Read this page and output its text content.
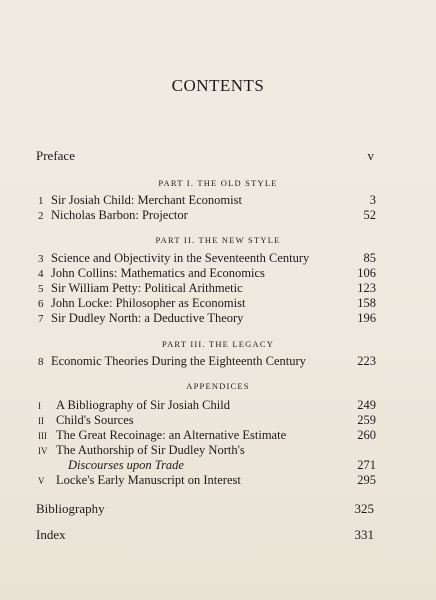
CONTENTS
Preface	v
PART I. THE OLD STYLE
1 Sir Josiah Child: Merchant Economist	3
2 Nicholas Barbon: Projector	52
PART II. THE NEW STYLE
3 Science and Objectivity in the Seventeenth Century	85
4 John Collins: Mathematics and Economics	106
5 Sir William Petty: Political Arithmetic	123
6 John Locke: Philosopher as Economist	158
7 Sir Dudley North: a Deductive Theory	196
PART III. THE LEGACY
8 Economic Theories During the Eighteenth Century	223
APPENDICES
I A Bibliography of Sir Josiah Child	249
II Child's Sources	259
III The Great Recoinage: an Alternative Estimate	260
IV The Authorship of Sir Dudley North's
Discourses upon Trade	271
V Locke's Early Manuscript on Interest	295
Bibliography	325
Index	331
